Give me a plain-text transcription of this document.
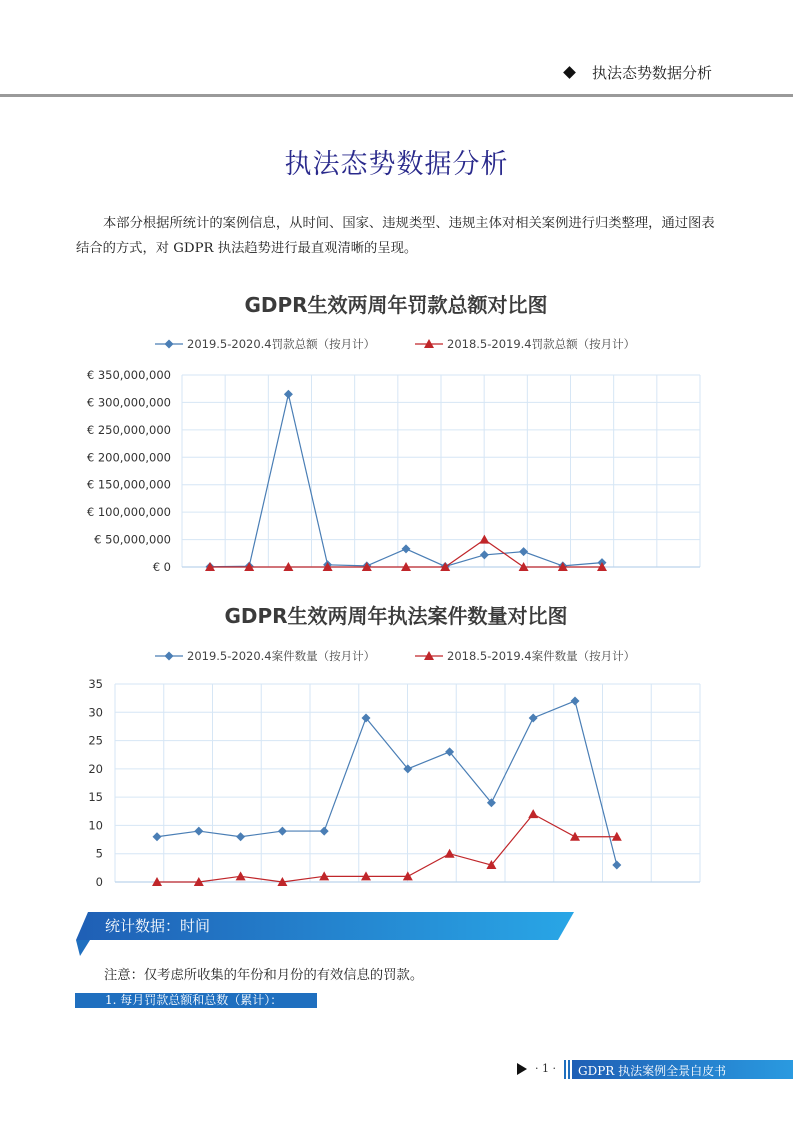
执法态势数据分析
执法态势数据分析
本部分根据所统计的案例信息，从时间、国家、违规类型、违规主体对相关案例进行归类整理，通过图表结合的方式，对 GDPR 执法趋势进行最直观清晰的呈现。
GDPR生效两周年罚款总额对比图
2019.5-2020.4罚款总额（按月计）	2018.5-2019.4罚款总额（按月计）
€ 0
€ 50,000,000
€ 100,000,000
€ 150,000,000
€ 200,000,000
€ 250,000,000
€ 300,000,000
€ 350,000,000
GDPR生效两周年执法案件数量对比图
2019.5-2020.4案件数量（按月计）	2018.5-2019.4案件数量（按月计）
0
5
10
15
20
25
30
35
统计数据：时间
注意：仅考虑所收集的年份和月份的有效信息的罚款。
1. 每月罚款总额和总数（累计）：
· 1 · GDPR 执法案例全景白皮书
